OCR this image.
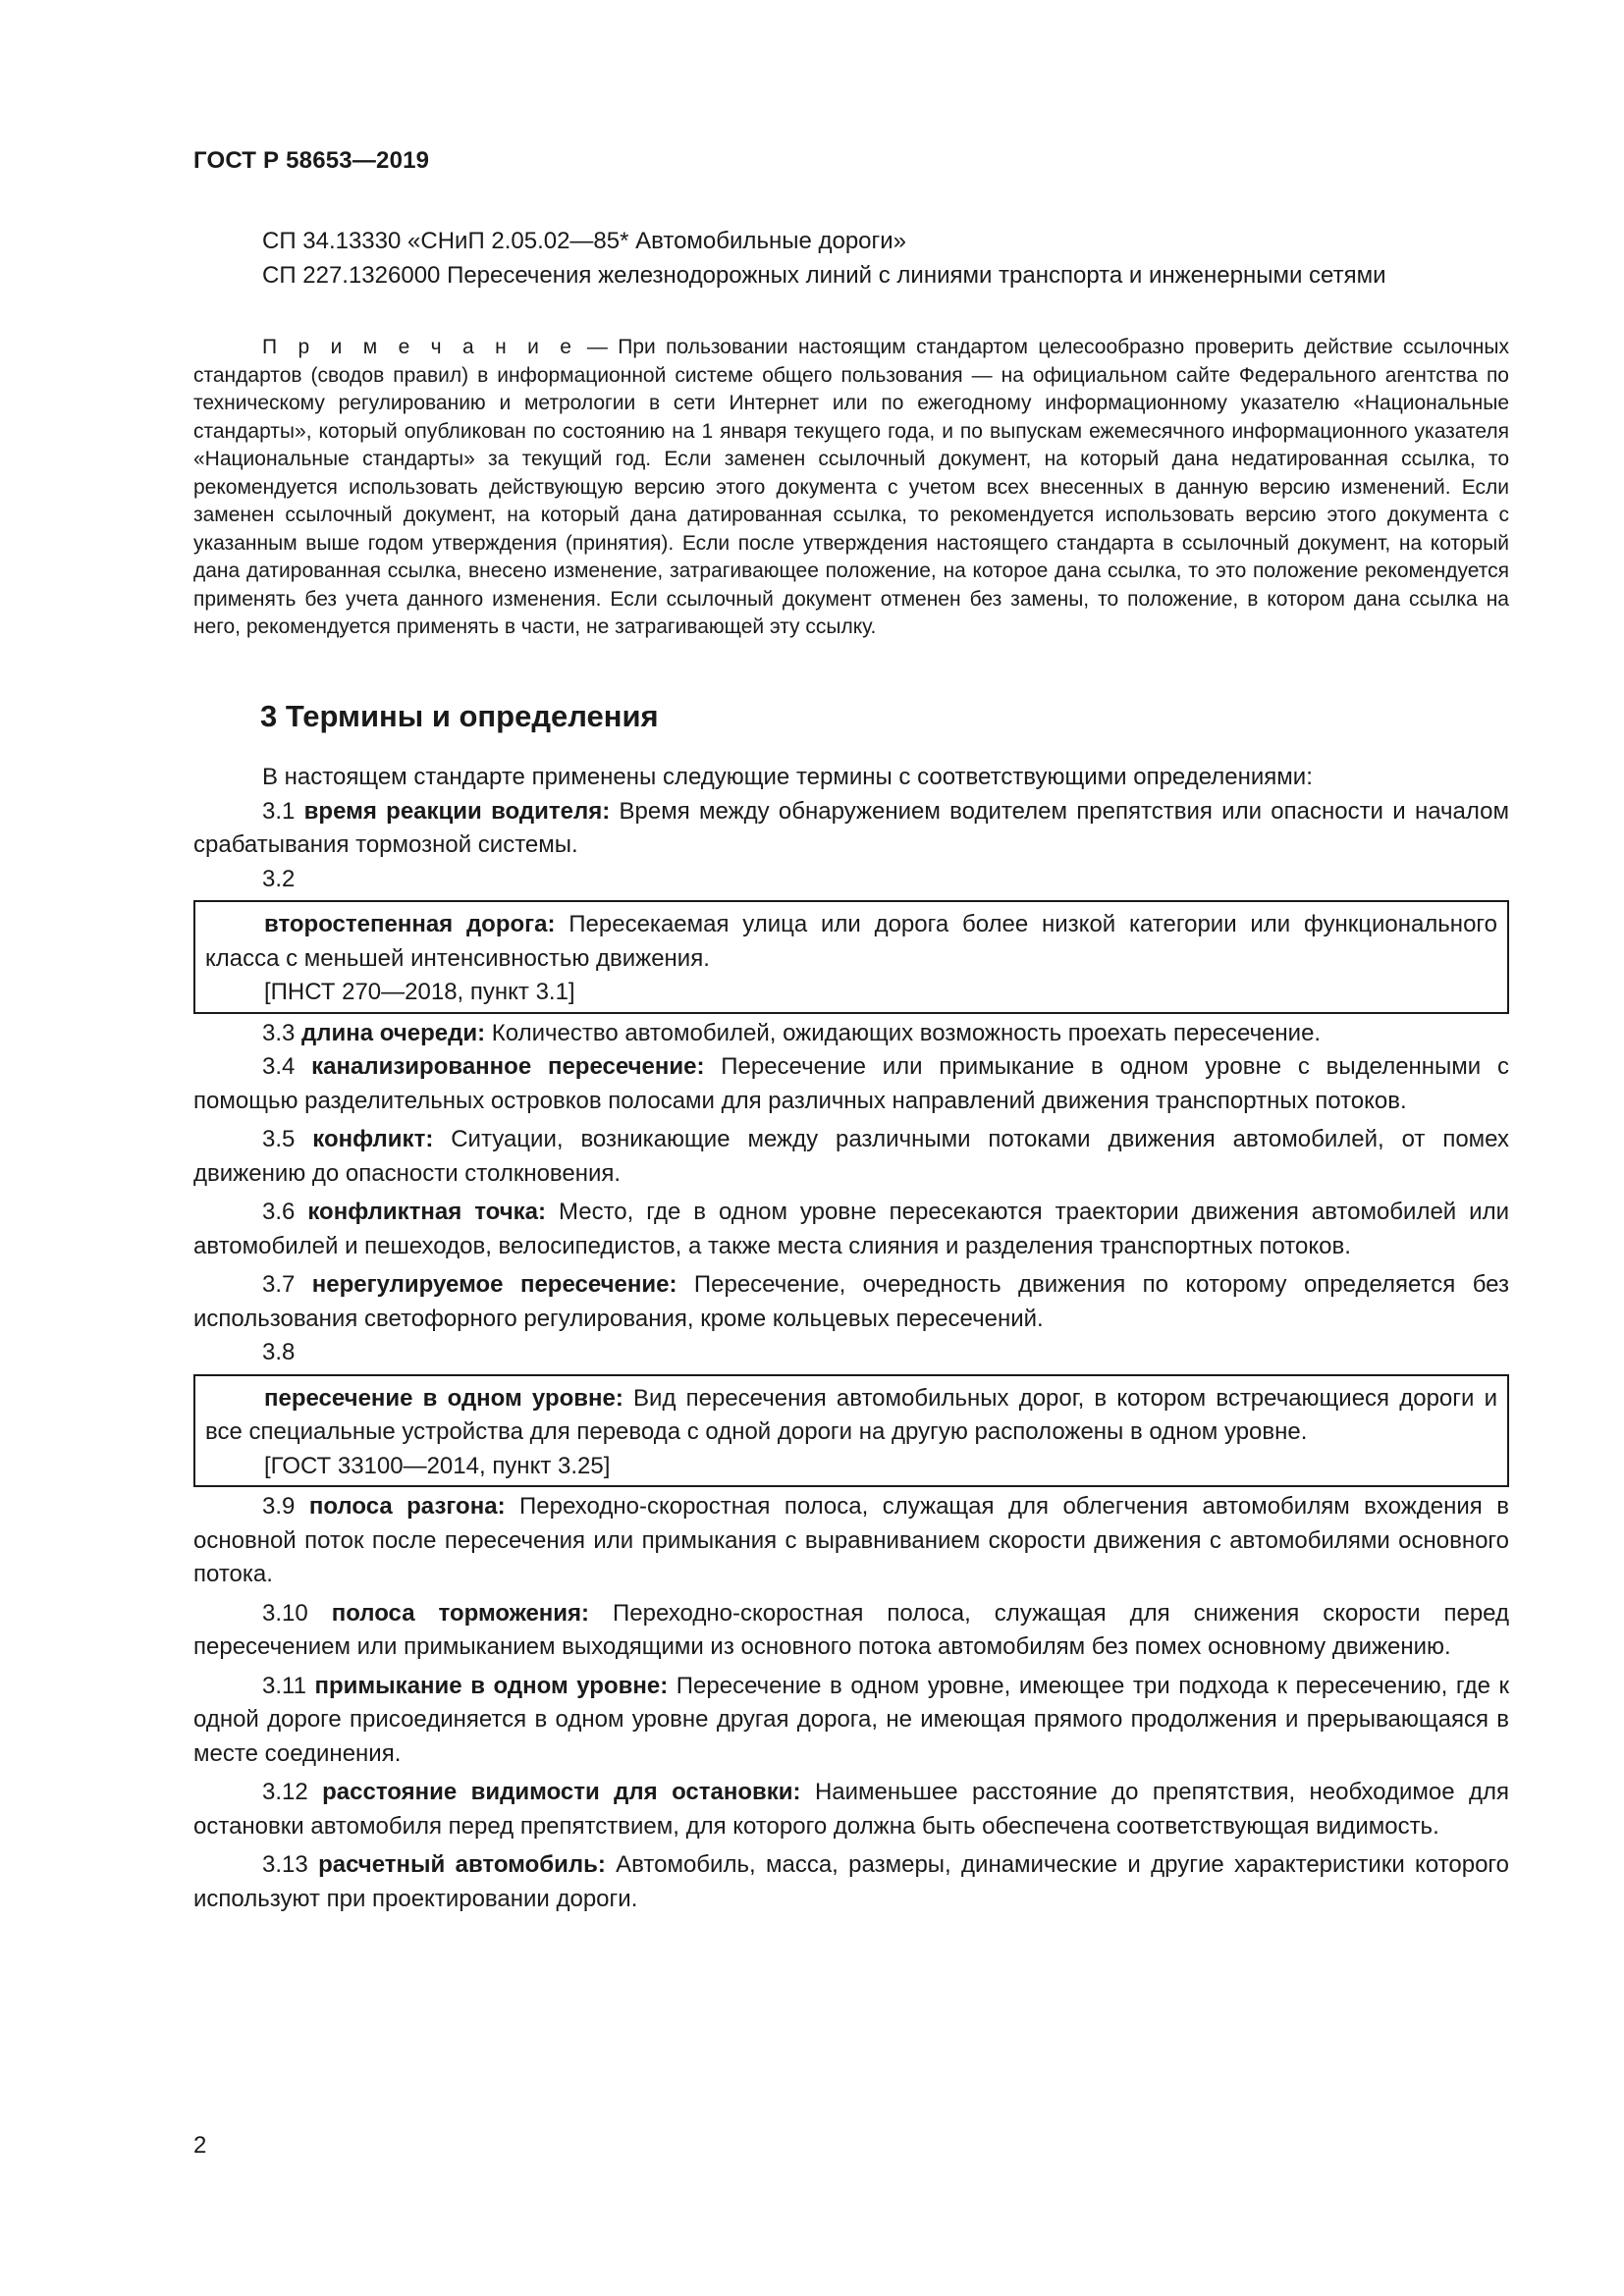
ГОСТ Р 58653—2019

СП 34.13330 «СНиП 2.05.02—85* Автомобильные дороги»

СП 227.1326000 Пересечения железнодорожных линий с линиями транспорта и инженерными сетями

П р и м е ч а н и е — При пользовании настоящим стандартом целесообразно проверить действие ссылочных стандартов (сводов правил) в информационной системе общего пользования — на официальном сайте Федерального агентства по техническому регулированию и метрологии в сети Интернет или по ежегодному информационному указателю «Национальные стандарты», который опубликован по состоянию на 1 января текущего года, и по выпускам ежемесячного информационного указателя «Национальные стандарты» за текущий год. Если заменен ссылочный документ, на который дана недатированная ссылка, то рекомендуется использовать действующую версию этого документа с учетом всех внесенных в данную версию изменений. Если заменен ссылочный документ, на который дана датированная ссылка, то рекомендуется использовать версию этого документа с указанным выше годом утверждения (принятия). Если после утверждения настоящего стандарта в ссылочный документ, на который дана датированная ссылка, внесено изменение, затрагивающее положение, на которое дана ссылка, то это положение рекомендуется применять без учета данного изменения. Если ссылочный документ отменен без замены, то положение, в котором дана ссылка на него, рекомендуется применять в части, не затрагивающей эту ссылку.

3 Термины и определения

В настоящем стандарте применены следующие термины с соответствующими определениями:

3.1 время реакции водителя: Время между обнаружением водителем препятствия или опасности и началом срабатывания тормозной системы.

3.2

второстепенная дорога: Пересекаемая улица или дорога более низкой категории или функционального класса с меньшей интенсивностью движения.

[ПНСТ 270—2018, пункт 3.1]

3.3 длина очереди: Количество автомобилей, ожидающих возможность проехать пересечение.

3.4 канализированное пересечение: Пересечение или примыкание в одном уровне с выделенными с помощью разделительных островков полосами для различных направлений движения транспортных потоков.

3.5 конфликт: Ситуации, возникающие между различными потоками движения автомобилей, от помех движению до опасности столкновения.

3.6 конфликтная точка: Место, где в одном уровне пересекаются траектории движения автомобилей или автомобилей и пешеходов, велосипедистов, а также места слияния и разделения транспортных потоков.

3.7 нерегулируемое пересечение: Пересечение, очередность движения по которому определяется без использования светофорного регулирования, кроме кольцевых пересечений.

3.8

пересечение в одном уровне: Вид пересечения автомобильных дорог, в котором встречающиеся дороги и все специальные устройства для перевода с одной дороги на другую расположены в одном уровне.

[ГОСТ 33100—2014, пункт 3.25]

3.9 полоса разгона: Переходно-скоростная полоса, служащая для облегчения автомобилям вхождения в основной поток после пересечения или примыкания с выравниванием скорости движения с автомобилями основного потока.

3.10 полоса торможения: Переходно-скоростная полоса, служащая для снижения скорости перед пересечением или примыканием выходящими из основного потока автомобилям без помех основному движению.

3.11 примыкание в одном уровне: Пересечение в одном уровне, имеющее три подхода к пересечению, где к одной дороге присоединяется в одном уровне другая дорога, не имеющая прямого продолжения и прерывающаяся в месте соединения.

3.12 расстояние видимости для остановки: Наименьшее расстояние до препятствия, необходимое для остановки автомобиля перед препятствием, для которого должна быть обеспечена соответствующая видимость.

3.13 расчетный автомобиль: Автомобиль, масса, размеры, динамические и другие характеристики которого используют при проектировании дороги.

2
